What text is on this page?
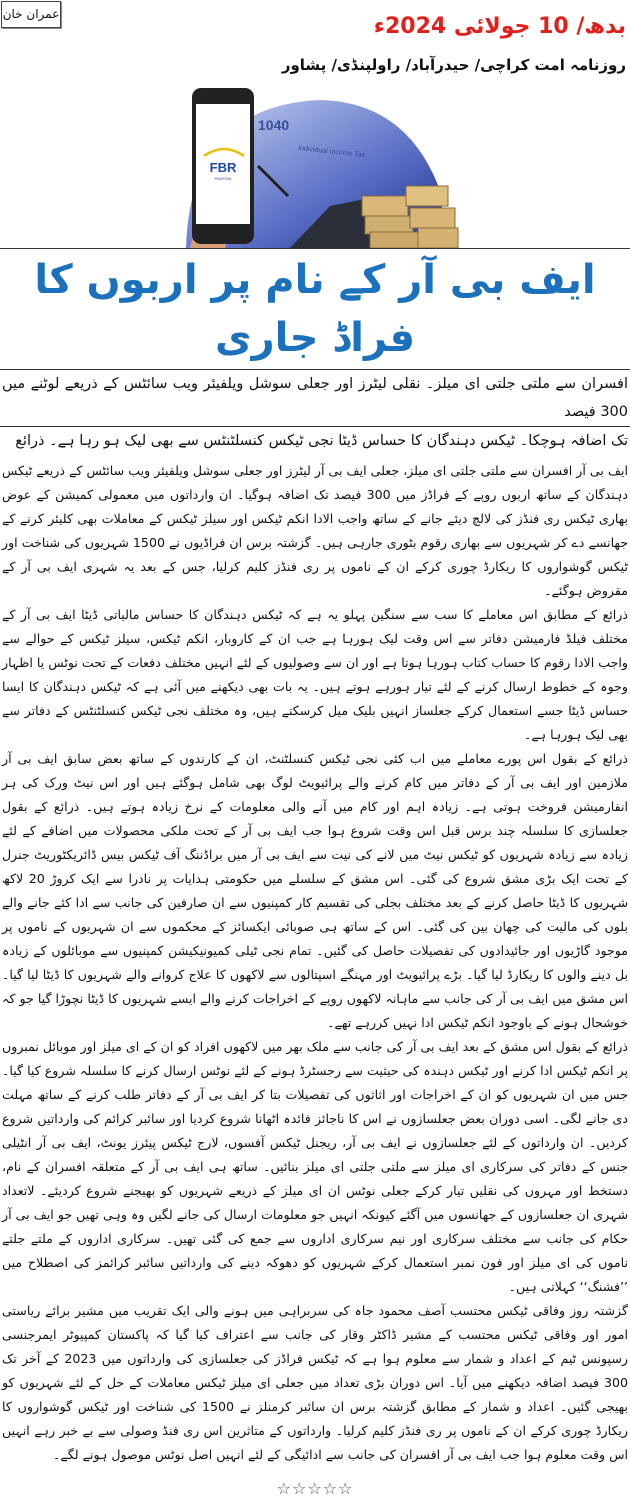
عمران خان	بدھ/ 10 جولائی 2024ء
روزنامہ امت کراچی/ حیدرآباد/ راولپنڈی/ پشاور
1040
Individual Income Tax
FBR
PAKISTAN
ایف بی آر کے نام پر اربوں کا فراڈ جاری
افسران سے ملتی جلتی ای میلز۔ نقلی لیٹرز اور جعلی سوشل ویلفیئر ویب سائٹس کے ذریعے لوٹنے میں 300 فیصد
تک اضافہ ہوچکا۔ ٹیکس دہندگان کا حساس ڈیٹا نجی ٹیکس کنسلٹنٹس سے بھی لیک ہو رہا ہے۔ ذرائع

ایف بی آر افسران سے ملتی جلتی ای میلز، جعلی ایف بی آر لیٹرز اور جعلی سوشل ویلفیئر ویب سائٹس کے ذریعے ٹیکس دہندگان کے ساتھ اربوں روپے کے فراڈز میں 300 فیصد تک اضافہ ہوگیا۔ ان وارداتوں میں معمولی کمیشن کے عوض بھاری ٹیکس ری فنڈز کی لالچ دیئے جانے کے ساتھ واجب الادا انکم ٹیکس اور سیلز ٹیکس کے معاملات بھی کلیئر کرنے کے جھانسے دے کر شہریوں سے بھاری رقوم بٹوری جارہی ہیں۔ گزشتہ برس ان فراڈیوں نے 1500 شہریوں کی شناخت اور ٹیکس گوشواروں کا ریکارڈ چوری کرکے ان کے ناموں پر ری فنڈز کلیم کرلیا، جس کے بعد یہ شہری ایف بی آر کے مقروض ہوگئے۔

ذرائع کے مطابق اس معاملے کا سب سے سنگین پہلو یہ ہے کہ ٹیکس دہندگان کا حساس مالیاتی ڈیٹا ایف بی آر کے مختلف فیلڈ فارمیشن دفاتر سے اس وقت لیک ہورہا ہے جب ان کے کاروبار، انکم ٹیکس، سیلز ٹیکس کے حوالے سے واجب الادا رقوم کا حساب کتاب ہورہا ہوتا ہے اور ان سے وصولیوں کے لئے انہیں مختلف دفعات کے تحت نوٹس یا اظہار وجوہ کے خطوط ارسال کرنے کے لئے تیار ہورہے ہوتے ہیں۔ یہ بات بھی دیکھنے میں آئی ہے کہ ٹیکس دہندگان کا ایسا حساس ڈیٹا جسے استعمال کرکے جعلساز انہیں بلیک میل کرسکتے ہیں، وہ مختلف نجی ٹیکس کنسلٹنٹس کے دفاتر سے بھی لیک ہورہا ہے۔

ذرائع کے بقول اس پورے معاملے میں اب کئی نجی ٹیکس کنسلٹنٹ، ان کے کارندوں کے ساتھ بعض سابق ایف بی آر ملازمین اور ایف بی آر کے دفاتر میں کام کرنے والے پرائیویٹ لوگ بھی شامل ہوگئے ہیں اور اس نیٹ ورک کی ہر انفارمیشن فروخت ہوتی ہے۔ زیادہ اہم اور کام میں آنے والی معلومات کے نرخ زیادہ ہوتے ہیں۔ ذرائع کے بقول جعلسازی کا سلسلہ چند برس قبل اس وقت شروع ہوا جب ایف بی آر کے تحت ملکی محصولات میں اضافے کے لئے زیادہ سے زیادہ شہریوں کو ٹیکس نیٹ میں لانے کی نیت سے ایف بی آر میں براڈننگ آف ٹیکس بیس ڈائریکٹوریٹ جنرل کے تحت ایک بڑی مشق شروع کی گئی۔ اس مشق کے سلسلے میں حکومتی ہدایات پر نادرا سے ایک کروڑ 20 لاکھ شہریوں کا ڈیٹا حاصل کرنے کے بعد مختلف بجلی کی تقسیم کار کمپنیوں سے ان صارفین کی جانب سے ادا کئے جانے والے بلوں کی مالیت کی چھان بین کی گئی۔ اس کے ساتھ ہی صوبائی ایکسائز کے محکموں سے ان شہریوں کے ناموں پر موجود گاڑیوں اور جائیدادوں کی تفصیلات حاصل کی گئیں۔ تمام نجی ٹیلی کمیونیکیشن کمپنیوں سے موبائلوں کے زیادہ بل دینے والوں کا ریکارڈ لیا گیا۔ بڑے پرائیویٹ اور مہنگے اسپتالوں سے لاکھوں کا علاج کروانے والے شہریوں کا ڈیٹا لیا گیا۔ اس مشق میں ایف بی آر کی جانب سے ماہانہ لاکھوں روپے کے اخراجات کرنے والے ایسے شہریوں کا ڈیٹا نچوڑا گیا جو کہ خوشحال ہونے کے باوجود انکم ٹیکس ادا نہیں کررہے تھے۔

ذرائع کے بقول اس مشق کے بعد ایف بی آر کی جانب سے ملک بھر میں لاکھوں افراد کو ان کے ای میلز اور موبائل نمبروں پر انکم ٹیکس ادا کرنے اور ٹیکس دہندہ کی حیثیت سے رجسٹرڈ ہونے کے لئے نوٹس ارسال کرنے کا سلسلہ شروع کیا گیا۔ جس میں ان شہریوں کو ان کے اخراجات اور اثاثوں کی تفصیلات بتا کر ایف بی آر کے دفاتر طلب کرنے کے ساتھ مہلت دی جانے لگی۔ اسی دوران بعض جعلسازوں نے اس کا ناجائز فائدہ اٹھانا شروع کردیا اور سائبر کرائم کی وارداتیں شروع کردیں۔ ان وارداتوں کے لئے جعلسازوں نے ایف بی آر، ریجنل ٹیکس آفسوں، لارج ٹیکس پیئرز یونٹ، ایف بی آر انٹیلی جنس کے دفاتر کی سرکاری ای میلز سے ملتی جلتی ای میلز بنائیں۔ ساتھ ہی ایف بی آر کے متعلقہ افسران کے نام، دستخط اور مہروں کی نقلیں تیار کرکے جعلی نوٹس ان ای میلز کے ذریعے شہریوں کو بھیجنے شروع کردیئے۔ لاتعداد شہری ان جعلسازوں کے جھانسوں میں آگئے کیونکہ انہیں جو معلومات ارسال کی جانے لگیں وہ وہی تھیں جو ایف بی آر حکام کی جانب سے مختلف سرکاری اور نیم سرکاری اداروں سے جمع کی گئی تھیں۔ سرکاری اداروں کے ملتے جلتے ناموں کی ای میلز اور فون نمبر استعمال کرکے شہریوں کو دھوکہ دینے کی وارداتیں سائبر کرائمز کی اصطلاح میں ’’فشنگ‘‘ کہلاتی ہیں۔

گزشتہ روز وفاقی ٹیکس محتسب آصف محمود جاہ کی سربراہی میں ہونے والی ایک تقریب میں مشیر برائے ریاستی امور اور وفاقی ٹیکس محتسب کے مشیر ڈاکٹر وقار کی جانب سے اعتراف کیا گیا کہ پاکستان کمپیوٹر ایمرجنسی رسپونس ٹیم کے اعداد و شمار سے معلوم ہوا ہے کہ ٹیکس فراڈز کی جعلسازی کی وارداتوں میں 2023 کے آخر تک 300 فیصد اضافہ دیکھنے میں آیا۔ اس دوران بڑی تعداد میں جعلی ای میلز ٹیکس معاملات کے حل کے لئے شہریوں کو بھیجی گئیں۔ اعداد و شمار کے مطابق گزشتہ برس ان سائبر کرمنلز نے 1500 کی شناخت اور ٹیکس گوشواروں کا ریکارڈ چوری کرکے ان کے ناموں پر ری فنڈز کلیم کرلیا۔ وارداتوں کے متاثرین اس ری فنڈ وصولی سے بے خبر رہے انہیں اس وقت معلوم ہوا جب ایف بی آر افسران کی جانب سے ادائیگی کے لئے انہیں اصل نوٹس موصول ہونے لگے۔

☆☆☆☆☆
